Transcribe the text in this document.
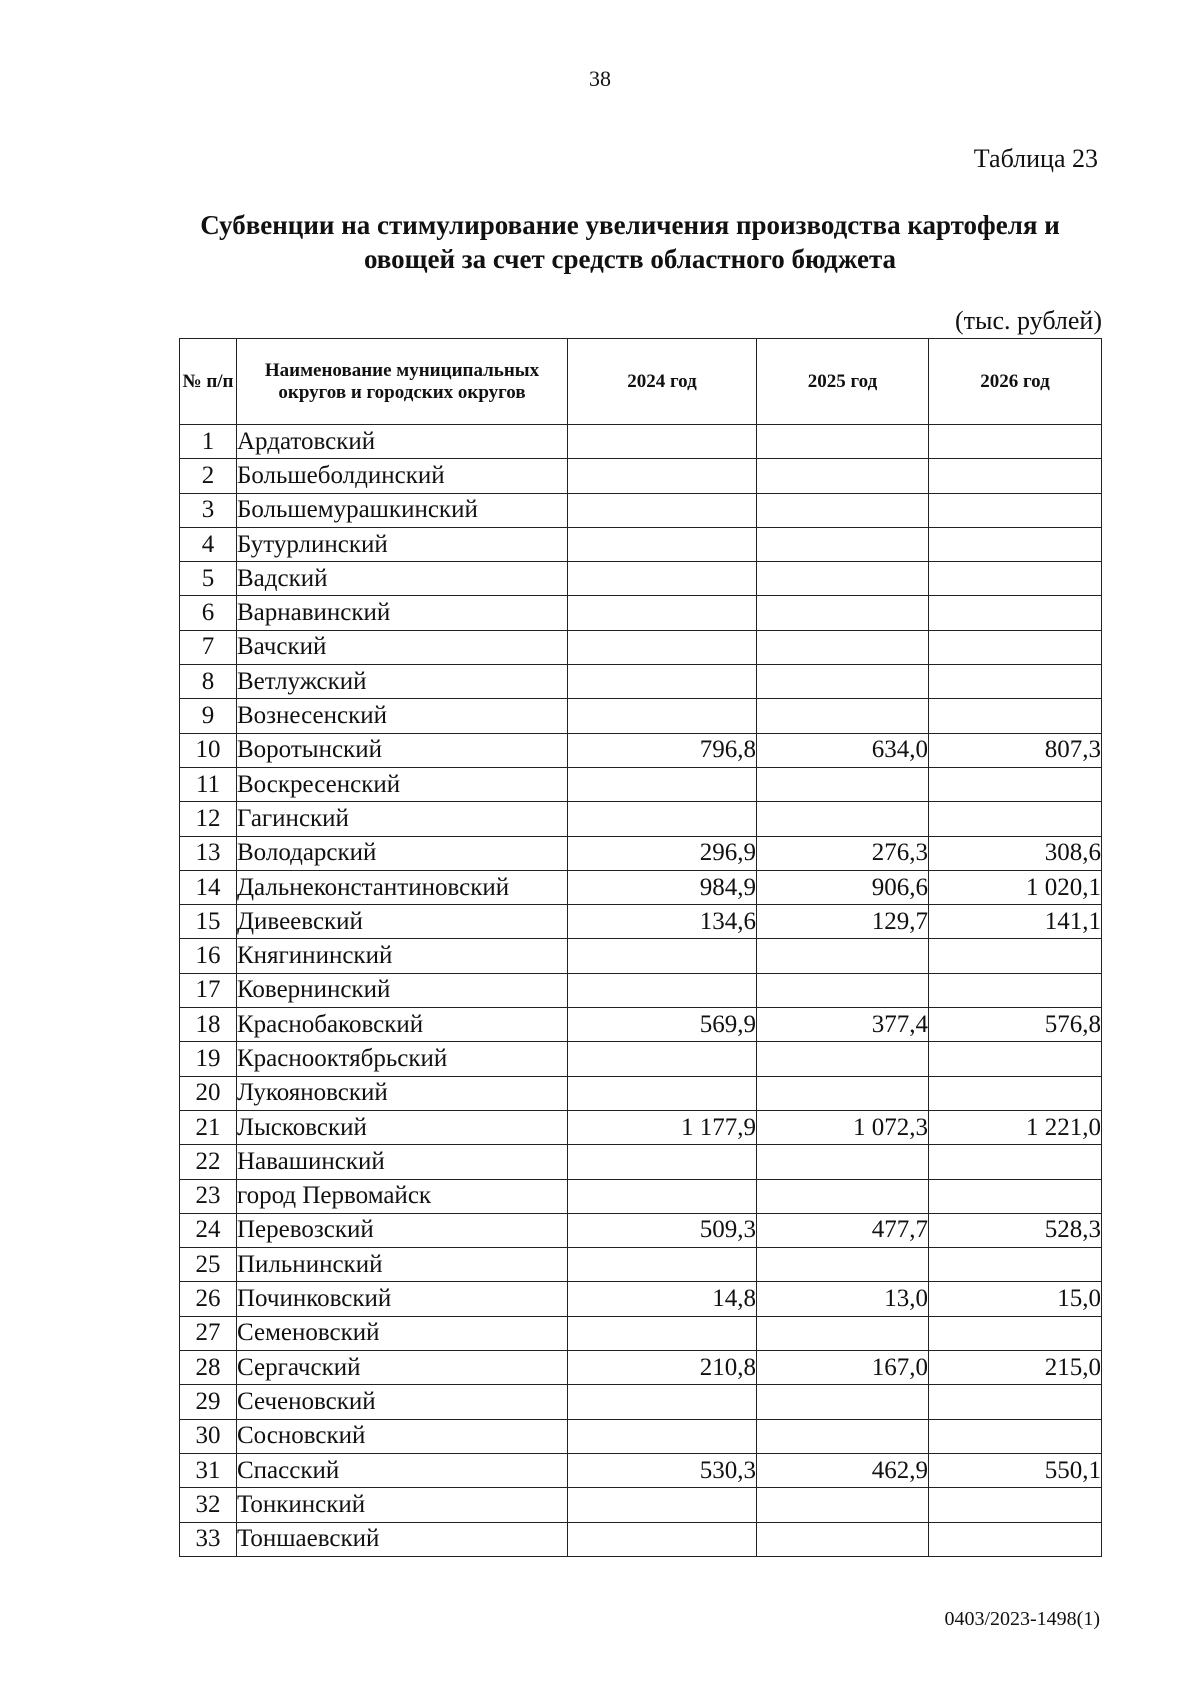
38
Таблица 23
Субвенции на стимулирование увеличения производства картофеля и
овощей за счет средств областного бюджета
(тыс. рублей)
№ п/п	Наименование муниципальных округов и городских округов	2024 год	2025 год	2026 год
1	Ардатовский			
2	Большеболдинский			
3	Большемурашкинский			
4	Бутурлинский			
5	Вадский			
6	Варнавинский			
7	Вачский			
8	Ветлужский			
9	Вознесенский			
10	Воротынский	796,8	634,0	807,3
11	Воскресенский			
12	Гагинский			
13	Володарский	296,9	276,3	308,6
14	Дальнеконстантиновский	984,9	906,6	1 020,1
15	Дивеевский	134,6	129,7	141,1
16	Княгининский			
17	Ковернинский			
18	Краснобаковский	569,9	377,4	576,8
19	Краснооктябрьский			
20	Лукояновский			
21	Лысковский	1 177,9	1 072,3	1 221,0
22	Навашинский			
23	город Первомайск			
24	Перевозский	509,3	477,7	528,3
25	Пильнинский			
26	Починковский	14,8	13,0	15,0
27	Семеновский			
28	Сергачский	210,8	167,0	215,0
29	Сеченовский			
30	Сосновский			
31	Спасский	530,3	462,9	550,1
32	Тонкинский			
33	Тоншаевский			
0403/2023-1498(1)
